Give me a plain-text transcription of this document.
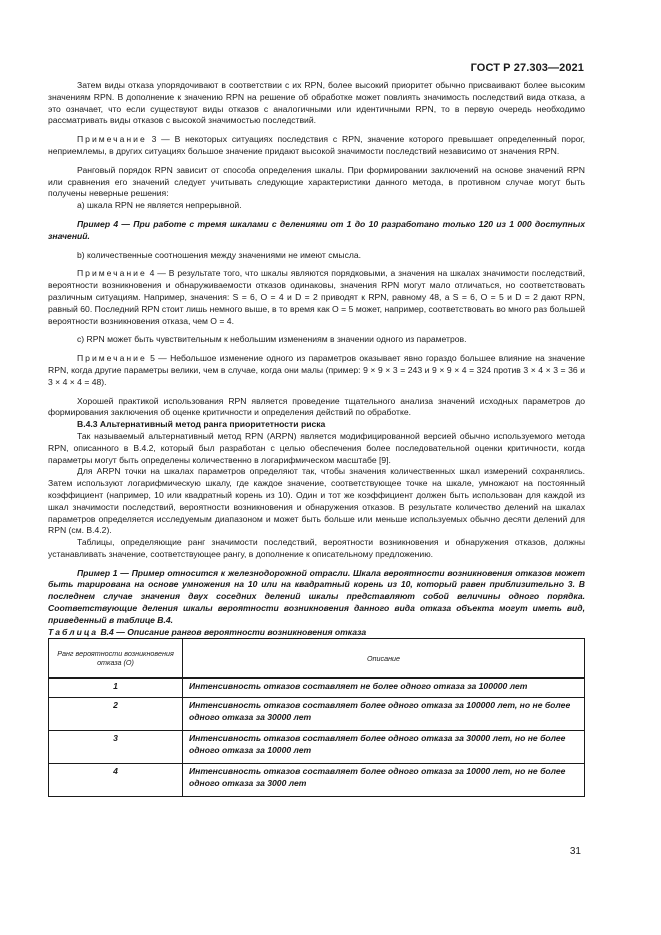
ГОСТ Р 27.303—2021

Затем виды отказа упорядочивают в соответствии с их RPN, более высокий приоритет обычно присваивают более высоким значениям RPN. В дополнение к значению RPN на решение об обработке может повлиять значимость последствий вида отказа, а это означает, что если существуют виды отказов с аналогичными или идентичными RPN, то в первую очередь необходимо рассматривать виды отказов с высокой значимостью последствий.

Примечание 3 — В некоторых ситуациях последствия с RPN, значение которого превышает определенный порог, неприемлемы, в других ситуациях большое значение придают высокой значимости последствий независимо от значения RPN.

Ранговый порядок RPN зависит от способа определения шкалы. При формировании заключений на основе значений RPN или сравнения его значений следует учитывать следующие характеристики данного метода, в противном случае могут быть получены неверные решения:

а) шкала RPN не является непрерывной.

Пример 4 — При работе с тремя шкалами с делениями от 1 до 10 разработано только 120 из 1 000 доступных значений.

b) количественные соотношения между значениями не имеют смысла.

Примечание 4 — В результате того, что шкалы являются порядковыми, а значения на шкалах значимости последствий, вероятности возникновения и обнаруживаемости отказов одинаковы, значения RPN могут мало отличаться, но соответствовать различным ситуациям. Например, значения: S = 6, O = 4 и D = 2 приводят к RPN, равному 48, а S = 6, O = 5 и D = 2 дают RPN, равный 60. Последний RPN стоит лишь немного выше, в то время как O = 5 может, например, соответствовать во много раз большей вероятности возникновения отказа, чем O = 4.

c) RPN может быть чувствительным к небольшим изменениям в значении одного из параметров.

Примечание 5 — Небольшое изменение одного из параметров оказывает явно гораздо большее влияние на значение RPN, когда другие параметры велики, чем в случае, когда они малы (пример: 9 × 9 × 3 = 243 и 9 × 9 × 4 = 324 против 3 × 4 × 3 = 36 и 3 × 4 × 4 = 48).

Хорошей практикой использования RPN является проведение тщательного анализа значений исходных параметров до формирования заключения об оценке критичности и определения действий по обработке.

В.4.3 Альтернативный метод ранга приоритетности риска

Так называемый альтернативный метод RPN (ARPN) является модифицированной версией обычно используемого метода RPN, описанного в В.4.2, который был разработан с целью обеспечения более последовательной оценки критичности, когда параметры могут быть определены количественно в логарифмическом масштабе [9].

Для ARPN точки на шкалах параметров определяют так, чтобы значения количественных шкал измерений сохранялись. Затем используют логарифмическую шкалу, где каждое значение, соответствующее точке на шкале, умножают на постоянный коэффициент (например, 10 или квадратный корень из 10). Один и тот же коэффициент должен быть использован для каждой из шкал значимости последствий, вероятности возникновения и обнаружения отказов. В результате количество делений на шкалах параметров определяется исследуемым диапазоном и может быть больше или меньше используемых обычно десяти делений для RPN (см. В.4.2).

Таблицы, определяющие ранг значимости последствий, вероятности возникновения и обнаружения отказов, должны устанавливать значение, соответствующее рангу, в дополнение к описательному предложению.

Пример 1 — Пример относится к железнодорожной отрасли. Шкала вероятности возникновения отказов может быть тарирована на основе умножения на 10 или на квадратный корень из 10, который равен приблизительно 3. В последнем случае значения двух соседних делений шкалы представляют собой величины одного порядка. Соответствующие деления шкалы вероятности возникновения данного вида отказа объекта могут иметь вид, приведенный в таблице В.4.

Таблица В.4 — Описание рангов вероятности возникновения отказа

Ранг вероятности возникновения отказа (O)	Описание
1	Интенсивность отказов составляет не более одного отказа за 100000 лет
2	Интенсивность отказов составляет более одного отказа за 100000 лет, но не более одного отказа за 30000 лет
3	Интенсивность отказов составляет более одного отказа за 30000 лет, но не более одного отказа за 10000 лет
4	Интенсивность отказов составляет более одного отказа за 10000 лет, но не более одного отказа за 3000 лет
31
